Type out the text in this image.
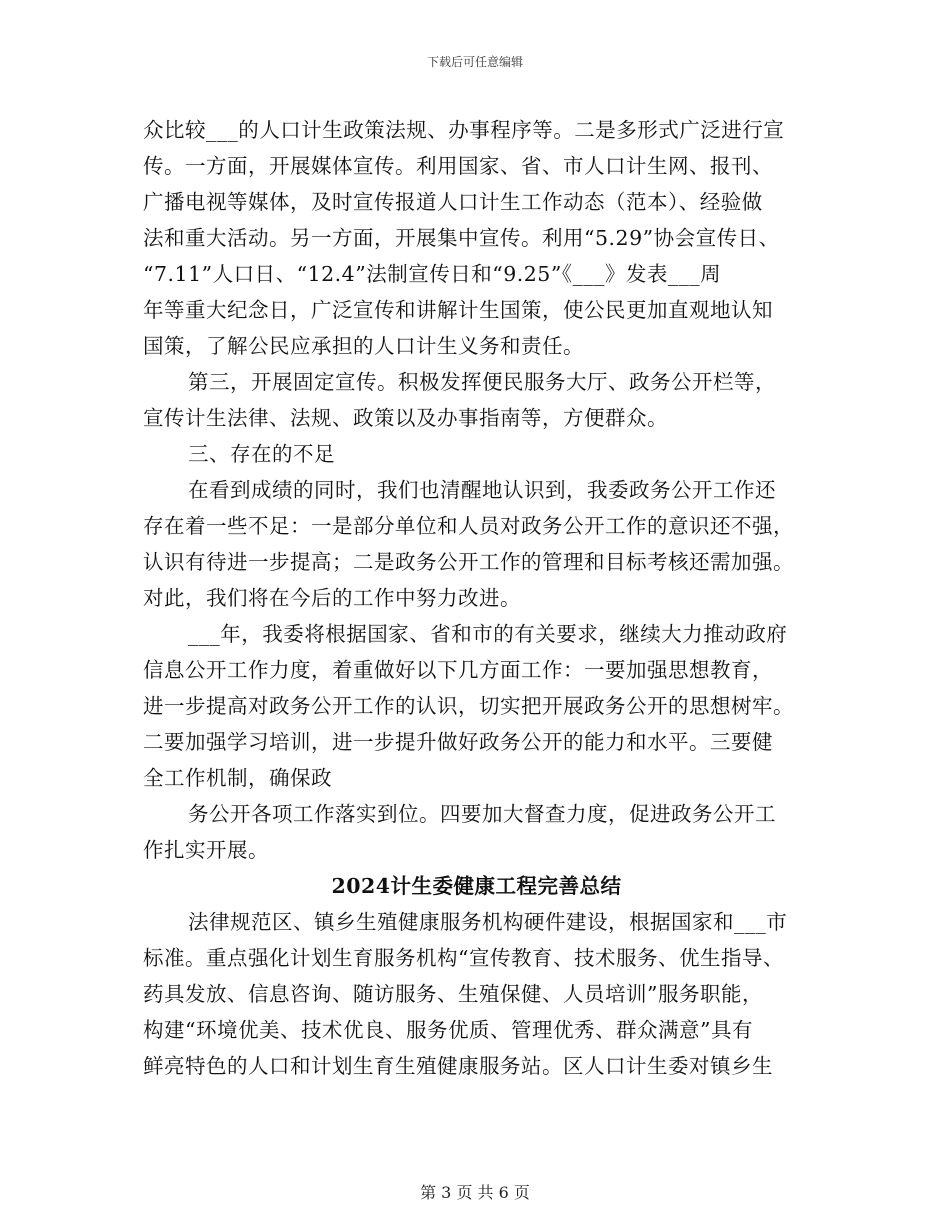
下载后可任意编辑
众比较___的人口计生政策法规、办事程序等。二是多形式广泛进行宣
传。一方面，开展媒体宣传。利用国家、省、市人口计生网、报刊、
广播电视等媒体，及时宣传报道人口计生工作动态（范本）、经验做
法和重大活动。另一方面，开展集中宣传。利用“5.29”协会宣传日、
“7.11”人口日、“12.4”法制宣传日和“9.25”《___》发表___周
年等重大纪念日，广泛宣传和讲解计生国策，使公民更加直观地认知
国策，了解公民应承担的人口计生义务和责任。
第三，开展固定宣传。积极发挥便民服务大厅、政务公开栏等，
宣传计生法律、法规、政策以及办事指南等，方便群众。
三、存在的不足
在看到成绩的同时，我们也清醒地认识到，我委政务公开工作还
存在着一些不足：一是部分单位和人员对政务公开工作的意识还不强，
认识有待进一步提高；二是政务公开工作的管理和目标考核还需加强。
对此，我们将在今后的工作中努力改进。
___年，我委将根据国家、省和市的有关要求，继续大力推动政府
信息公开工作力度，着重做好以下几方面工作：一要加强思想教育，
进一步提高对政务公开工作的认识，切实把开展政务公开的思想树牢。
二要加强学习培训，进一步提升做好政务公开的能力和水平。三要健
全工作机制，确保政
务公开各项工作落实到位。四要加大督查力度，促进政务公开工
作扎实开展。
2024计生委健康工程完善总结
法律规范区、镇乡生殖健康服务机构硬件建设，根据国家和___市
标准。重点强化计划生育服务机构“宣传教育、技术服务、优生指导、
药具发放、信息咨询、随访服务、生殖保健、人员培训”服务职能，
构建“环境优美、技术优良、服务优质、管理优秀、群众满意”具有
鲜亮特色的人口和计划生育生殖健康服务站。区人口计生委对镇乡生
第 3 页 共 6 页
